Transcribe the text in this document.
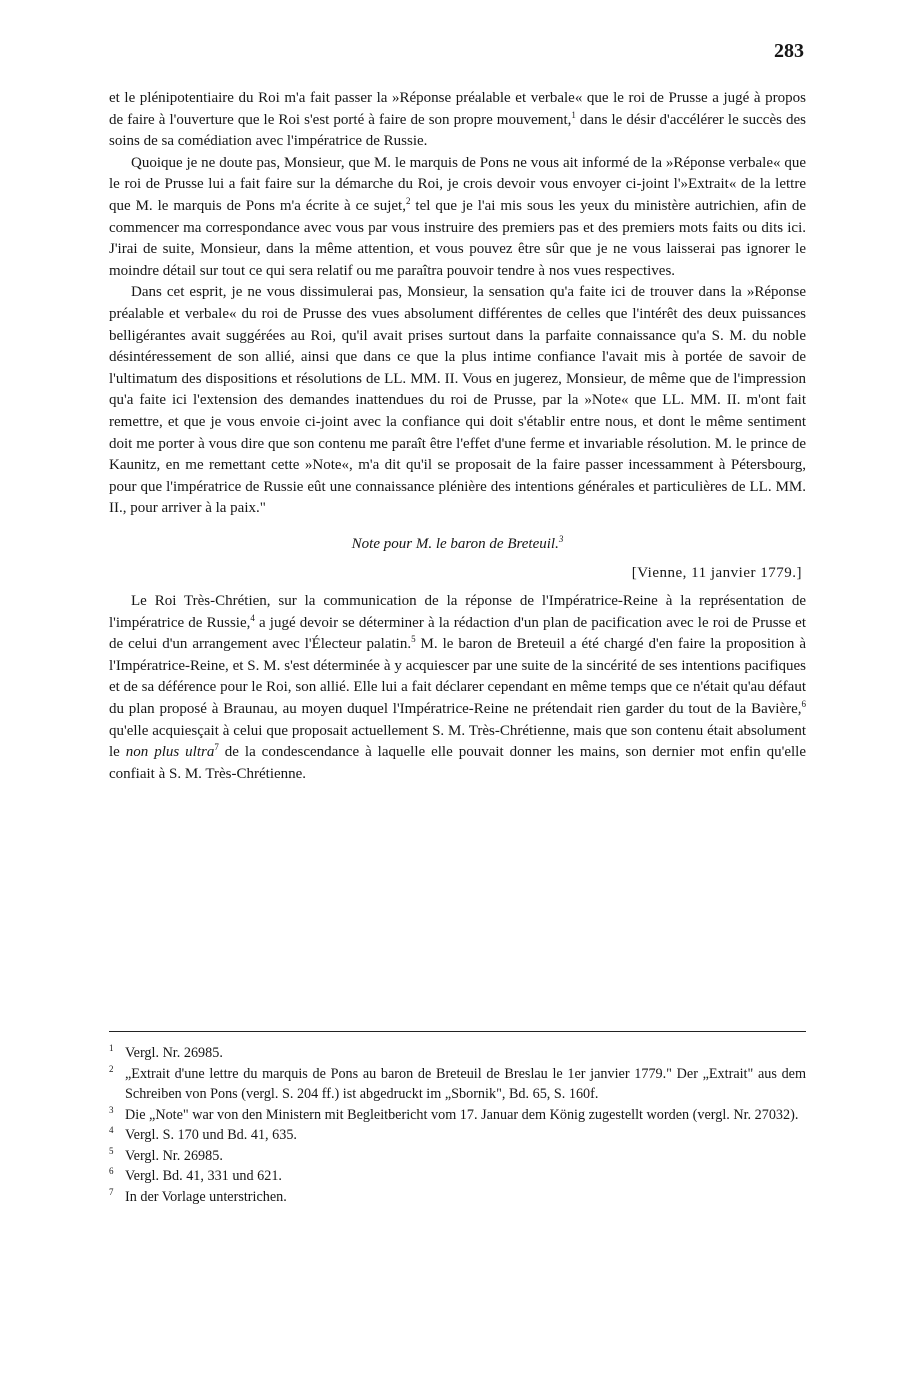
283

et le plénipotentiaire du Roi m'a fait passer la »Réponse préalable et verbale« que le roi de Prusse a jugé à propos de faire à l'ouverture que le Roi s'est porté à faire de son propre mouvement,$^1$ dans le désir d'accélérer le succès des soins de sa comédiation avec l'impératrice de Russie.

Quoique je ne doute pas, Monsieur, que M. le marquis de Pons ne vous ait informé de la »Réponse verbale« que le roi de Prusse lui a fait faire sur la démarche du Roi, je crois devoir vous envoyer ci-joint l'»Extrait« de la lettre que M. le marquis de Pons m'a écrite à ce sujet,$^2$ tel que je l'ai mis sous les yeux du ministère autrichien, afin de commencer ma correspondance avec vous par vous instruire des premiers pas et des premiers mots faits ou dits ici. J'irai de suite, Monsieur, dans la même attention, et vous pouvez être sûr que je ne vous laisserai pas ignorer le moindre détail sur tout ce qui sera relatif ou me paraîtra pouvoir tendre à nos vues respectives.

Dans cet esprit, je ne vous dissimulerai pas, Monsieur, la sensation qu'a faite ici de trouver dans la »Réponse préalable et verbale« du roi de Prusse des vues absolument différentes de celles que l'intérêt des deux puissances belligérantes avait suggérées au Roi, qu'il avait prises surtout dans la parfaite connaissance qu'a S. M. du noble désintéressement de son allié, ainsi que dans ce que la plus intime confiance l'avait mis à portée de savoir de l'ultimatum des dispositions et résolutions de LL. MM. II. Vous en jugerez, Monsieur, de même que de l'impression qu'a faite ici l'extension des demandes inattendues du roi de Prusse, par la »Note« que LL. MM. II. m'ont fait remettre, et que je vous envoie ci-joint avec la confiance qui doit s'établir entre nous, et dont le même sentiment doit me porter à vous dire que son contenu me paraît être l'effet d'une ferme et invariable résolution. M. le prince de Kaunitz, en me remettant cette »Note«, m'a dit qu'il se proposait de la faire passer incessamment à Pétersbourg, pour que l'impératrice de Russie eût une connaissance plénière des intentions générales et particulières de LL. MM. II., pour arriver à la paix."

Note pour M. le baron de Breteuil.$^3$
[Vienne, 11 janvier 1779.]

Le Roi Très-Chrétien, sur la communication de la réponse de l'Impératrice-Reine à la représentation de l'impératrice de Russie,$^4$ a jugé devoir se déterminer à la rédaction d'un plan de pacification avec le roi de Prusse et de celui d'un arrangement avec l'Électeur palatin.$^5$ M. le baron de Breteuil a été chargé d'en faire la proposition à l'Impératrice-Reine, et S. M. s'est déterminée à y acquiescer par une suite de la sincérité de ses intentions pacifiques et de sa déférence pour le Roi, son allié. Elle lui a fait déclarer cependant en même temps que ce n'était qu'au défaut du plan proposé à Braunau, au moyen duquel l'Impératrice-Reine ne prétendait rien garder du tout de la Bavière,$^6$ qu'elle acquiesçait à celui que proposait actuellement S. M. Très-Chrétienne, mais que son contenu était absolument le non plus ultra$^7$ de la condescendance à laquelle elle pouvait donner les mains, son dernier mot enfin qu'elle confiait à S. M. Très-Chrétienne.

1 Vergl. Nr. 26985.

2 „Extrait d'une lettre du marquis de Pons au baron de Breteuil de Breslau le 1er janvier 1779." Der „Extrait" aus dem Schreiben von Pons (vergl. S. 204 ff.) ist abgedruckt im „Sbornik", Bd. 65, S. 160f.

3 Die „Note" war von den Ministern mit Begleitbericht vom 17. Januar dem König zugestellt worden (vergl. Nr. 27032).

4 Vergl. S. 170 und Bd. 41, 635.

5 Vergl. Nr. 26985.

6 Vergl. Bd. 41, 331 und 621.

7 In der Vorlage unterstrichen.
